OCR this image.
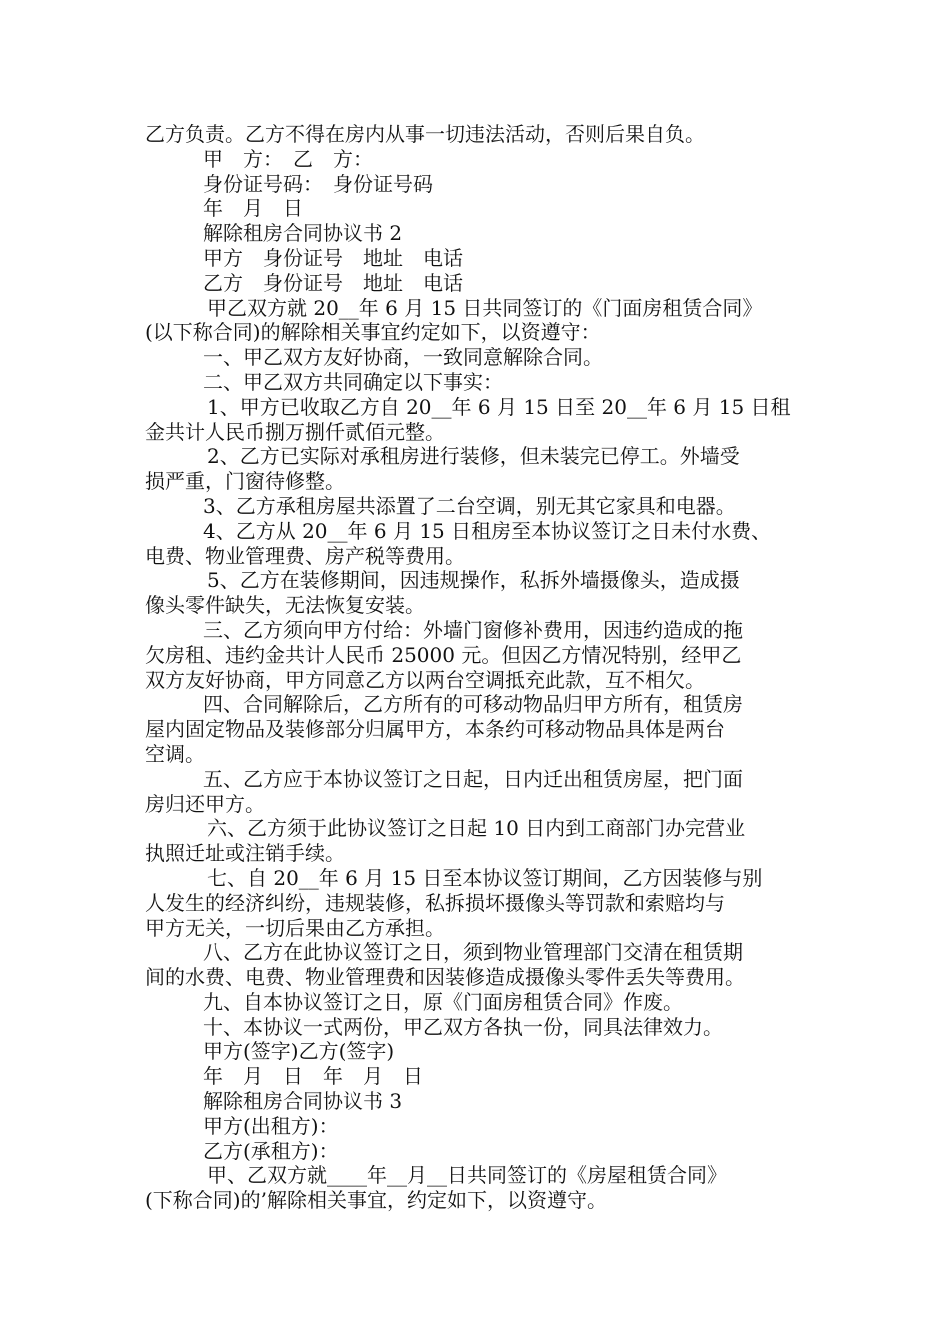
乙方负责。乙方不得在房内从事一切违法活动，否则后果自负。
甲　方：　乙　方：
身份证号码：　身份证号码
年　月　日
解除租房合同协议书 2
甲方　身份证号　地址　电话
乙方　身份证号　地址　电话
甲乙双方就 20__年 6 月 15 日共同签订的《门面房租赁合同》
(以下称合同)的解除相关事宜约定如下，以资遵守：
一、甲乙双方友好协商，一致同意解除合同。
二、甲乙双方共同确定以下事实：
1、甲方已收取乙方自 20__年 6 月 15 日至 20__年 6 月 15 日租
金共计人民币捌万捌仟贰佰元整。
2、乙方已实际对承租房进行装修，但未装完已停工。外墙受
损严重，门窗待修整。
3、乙方承租房屋共添置了二台空调，别无其它家具和电器。
4、乙方从 20__年 6 月 15 日租房至本协议签订之日未付水费、
电费、物业管理费、房产税等费用。
5、乙方在装修期间，因违规操作，私拆外墙摄像头，造成摄
像头零件缺失，无法恢复安装。
三、乙方须向甲方付给：外墙门窗修补费用，因违约造成的拖
欠房租、违约金共计人民币 25000 元。但因乙方情况特别，经甲乙
双方友好协商，甲方同意乙方以两台空调抵充此款，互不相欠。
四、合同解除后，乙方所有的可移动物品归甲方所有，租赁房
屋内固定物品及装修部分归属甲方，本条约可移动物品具体是两台
空调。
五、乙方应于本协议签订之日起，日内迁出租赁房屋，把门面
房归还甲方。
六、乙方须于此协议签订之日起 10 日内到工商部门办完营业
执照迁址或注销手续。
七、自 20__年 6 月 15 日至本协议签订期间，乙方因装修与别
人发生的经济纠纷，违规装修，私拆损坏摄像头等罚款和索赔均与
甲方无关，一切后果由乙方承担。
八、乙方在此协议签订之日，须到物业管理部门交清在租赁期
间的水费、电费、物业管理费和因装修造成摄像头零件丢失等费用。
九、自本协议签订之日，原《门面房租赁合同》作废。
十、本协议一式两份，甲乙双方各执一份，同具法律效力。
甲方(签字)乙方(签字)
年　月　日　年　月　日
解除租房合同协议书 3
甲方(出租方)：
乙方(承租方)：
甲、乙双方就____年__月__日共同签订的《房屋租赁合同》
(下称合同)的’解除相关事宜，约定如下，以资遵守。
